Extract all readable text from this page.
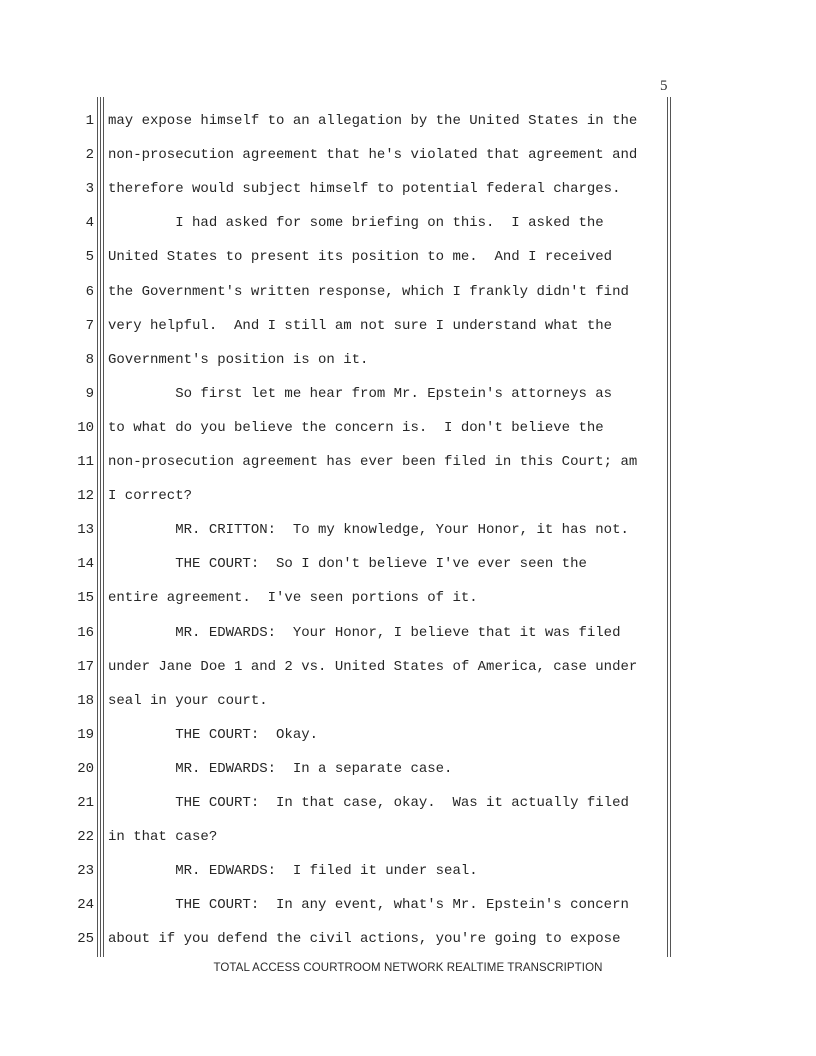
5
1 may expose himself to an allegation by the United States in the
2 non-prosecution agreement that he's violated that agreement and
3 therefore would subject himself to potential federal charges.
4 I had asked for some briefing on this.  I asked the
5 United States to present its position to me.  And I received
6 the Government's written response, which I frankly didn't find
7 very helpful.  And I still am not sure I understand what the
8 Government's position is on it.
9 So first let me hear from Mr. Epstein's attorneys as
10 to what do you believe the concern is.  I don't believe the
11 non-prosecution agreement has ever been filed in this Court; am
12 I correct?
13 MR. CRITTON:  To my knowledge, Your Honor, it has not.
14 THE COURT:  So I don't believe I've ever seen the
15 entire agreement.  I've seen portions of it.
16 MR. EDWARDS:  Your Honor, I believe that it was filed
17 under Jane Doe 1 and 2 vs. United States of America, case under
18 seal in your court.
19 THE COURT:  Okay.
20 MR. EDWARDS:  In a separate case.
21 THE COURT:  In that case, okay.  Was it actually filed
22 in that case?
23 MR. EDWARDS:  I filed it under seal.
24 THE COURT:  In any event, what's Mr. Epstein's concern
25 about if you defend the civil actions, you're going to expose
TOTAL ACCESS COURTROOM NETWORK REALTIME TRANSCRIPTION
